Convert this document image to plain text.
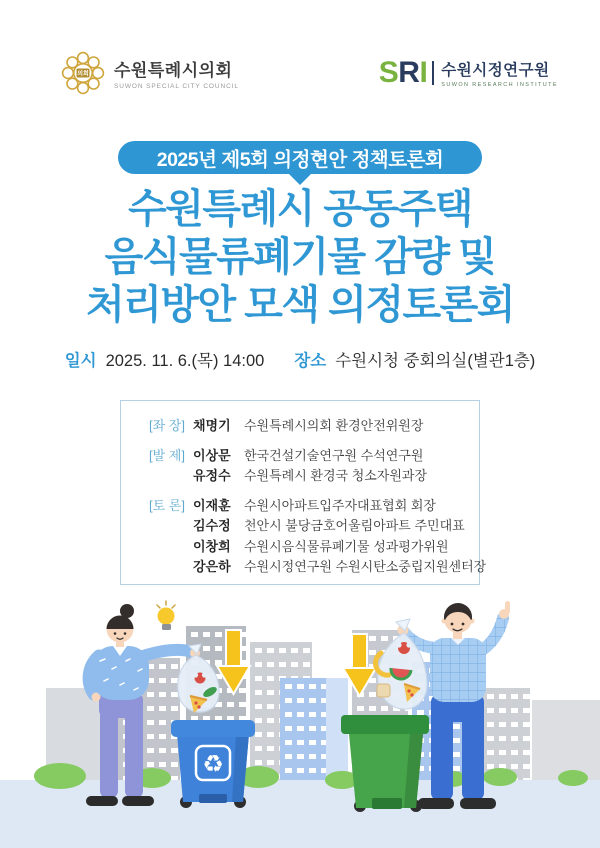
의회 수원특례시의회
SUWON SPECIAL CITY COUNCIL	SRI 수원시정연구원
SUWON RESEARCH INSTITUTE
2025년 제5회 의정현안 정책토론회
수원특례시 공동주택
음식물류폐기물 감량 및
처리방안 모색 의정토론회
일시 2025. 11. 6.(목) 14:00 장소 수원시청 중회의실(별관1층)
[좌 장] 채명기 수원특례시의회 환경안전위원장
[발 제] 이상문 한국건설기술연구원 수석연구원
유정수 수원특례시 환경국 청소자원과장
[토 론] 이재훈 수원시아파트입주자대표협회 회장
김수정 천안시 불당금호어울림아파트 주민대표
이창희 수원시음식물류폐기물 성과평가위원
강은하 수원시정연구원 수원시탄소중립지원센터장
♻
